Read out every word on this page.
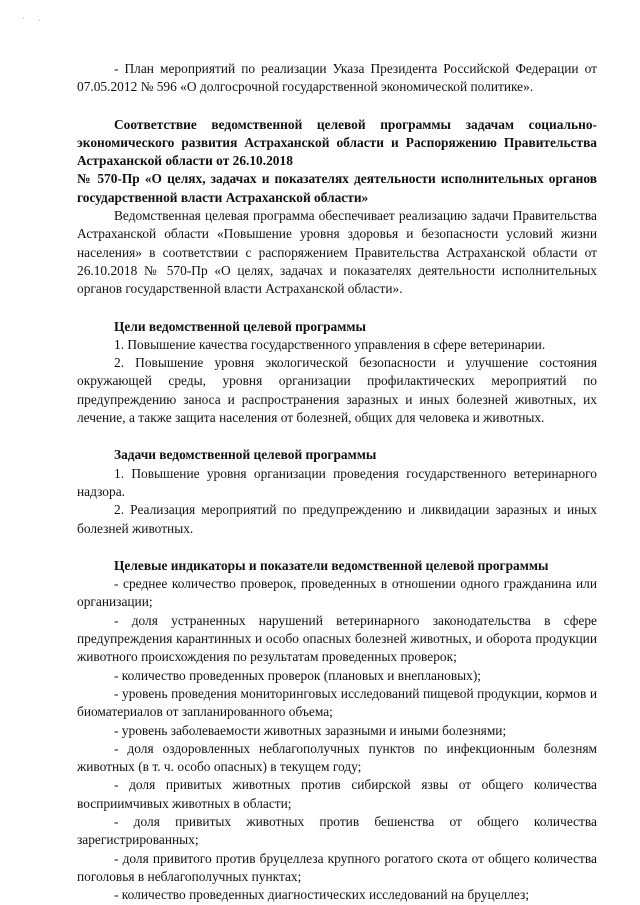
· .

- План мероприятий по реализации Указа Президента Российской Федерации от 07.05.2012 № 596 «О долгосрочной государственной экономической политике».

Соответствие ведомственной целевой программы задачам социально-экономического развития Астраханской области и Распоряжению Правительства Астраханской области от 26.10.2018

№ 570-Пр «О целях, задачах и показателях деятельности исполнительных органов государственной власти Астраханской области»

Ведомственная целевая программа обеспечивает реализацию задачи Правительства Астраханской области «Повышение уровня здоровья и безопасности условий жизни населения» в соответствии с распоряжением Правительства Астраханской области от 26.10.2018 № 570-Пр «О целях, задачах и показателях деятельности исполнительных органов государственной власти Астраханской области».

Цели ведомственной целевой программы

1. Повышение качества государственного управления в сфере ветеринарии.

2. Повышение уровня экологической безопасности и улучшение состояния окружающей среды, уровня организации профилактических мероприятий по предупреждению заноса и распространения заразных и иных болезней животных, их лечение, а также защита населения от болезней, общих для человека и животных.

Задачи ведомственной целевой программы

1. Повышение уровня организации проведения государственного ветеринарного надзора.

2. Реализация мероприятий по предупреждению и ликвидации заразных и иных болезней животных.

Целевые индикаторы и показатели ведомственной целевой программы

- среднее количество проверок, проведенных в отношении одного гражданина или организации;

- доля устраненных нарушений ветеринарного законодательства в сфере предупреждения карантинных и особо опасных болезней животных, и оборота продукции животного происхождения по результатам проведенных проверок;

- количество проведенных проверок (плановых и внеплановых);

- уровень проведения мониторинговых исследований пищевой продукции, кормов и биоматериалов от запланированного объема;

- уровень заболеваемости животных заразными и иными болезнями;

- доля оздоровленных неблагополучных пунктов по инфекционным болезням животных (в т. ч. особо опасных) в текущем году;

- доля привитых животных против сибирской язвы от общего количества восприимчивых животных в области;

- доля привитых животных против бешенства от общего количества зарегистрированных;

- доля привитого против бруцеллеза крупного рогатого скота от общего количества поголовья в неблагополучных пунктах;

- количество проведенных диагностических исследований на бруцеллез;
